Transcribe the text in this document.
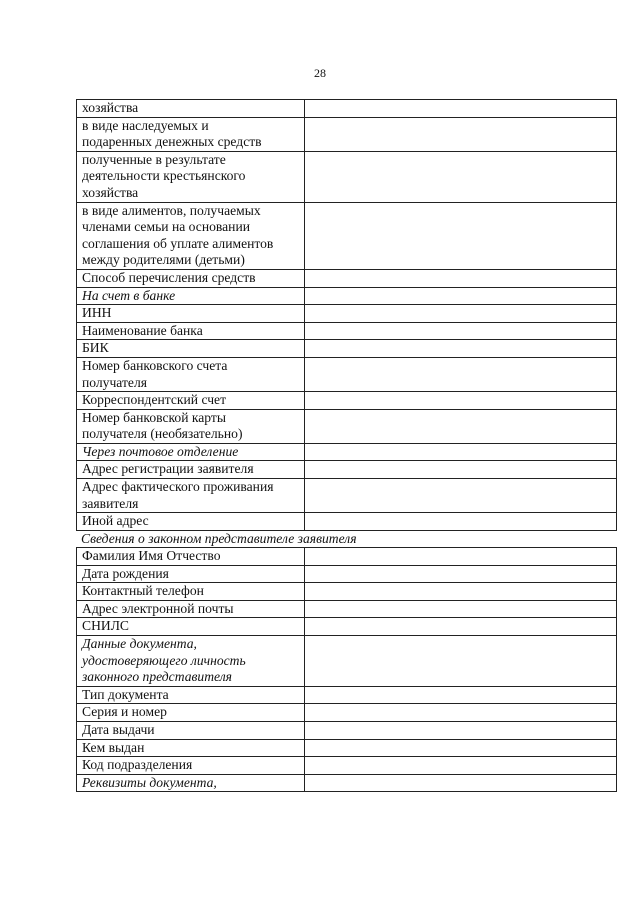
28
хозяйства	

в виде наследуемых и
подаренных денежных средств	

полученные в результате
деятельности крестьянского
хозяйства	

в виде алиментов, получаемых
членами семьи на основании
соглашения об уплате алиментов
между родителями (детьми)	

Способ перечисления средств	

На счет в банке	

ИНН	

Наименование банка	

БИК	

Номер банковского счета
получателя	

Корреспондентский счет	

Номер банковской карты
получателя (необязательно)	

Через почтовое отделение	

Адрес регистрации заявителя	

Адрес фактического проживания
заявителя	

Иной адрес	

Сведения о законном представителе заявителя
Фамилия Имя Отчество	

Дата рождения	

Контактный телефон	

Адрес электронной почты	

СНИЛС	

Данные документа,
удостоверяющего личность
законного представителя	

Тип документа	

Серия и номер	

Дата выдачи	

Кем выдан	

Код подразделения	

Реквизиты документа,	
